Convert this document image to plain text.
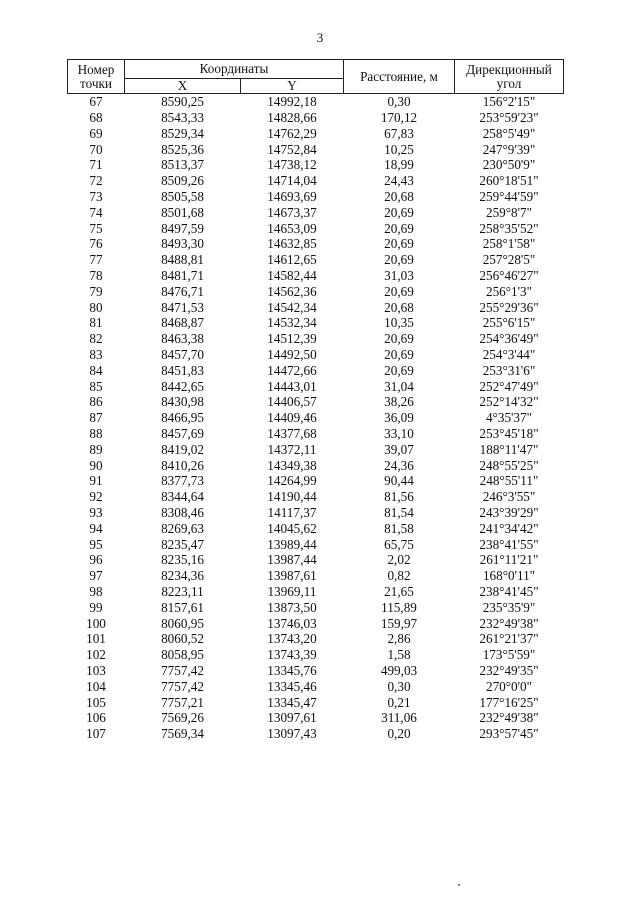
3
Номер
точки	Координаты		Расстояние, м	Дирекционный
угол
	X	Y		
67	8590,25	14992,18	0,30	156°2'15"
68	8543,33	14828,66	170,12	253°59'23"
69	8529,34	14762,29	67,83	258°5'49"
70	8525,36	14752,84	10,25	247°9'39"
71	8513,37	14738,12	18,99	230°50'9"
72	8509,26	14714,04	24,43	260°18'51"
73	8505,58	14693,69	20,68	259°44'59"
74	8501,68	14673,37	20,69	259°8'7"
75	8497,59	14653,09	20,69	258°35'52"
76	8493,30	14632,85	20,69	258°1'58"
77	8488,81	14612,65	20,69	257°28'5"
78	8481,71	14582,44	31,03	256°46'27"
79	8476,71	14562,36	20,69	256°1'3"
80	8471,53	14542,34	20,68	255°29'36"
81	8468,87	14532,34	10,35	255°6'15"
82	8463,38	14512,39	20,69	254°36'49"
83	8457,70	14492,50	20,69	254°3'44"
84	8451,83	14472,66	20,69	253°31'6"
85	8442,65	14443,01	31,04	252°47'49"
86	8430,98	14406,57	38,26	252°14'32"
87	8466,95	14409,46	36,09	4°35'37"
88	8457,69	14377,68	33,10	253°45'18"
89	8419,02	14372,11	39,07	188°11'47"
90	8410,26	14349,38	24,36	248°55'25"
91	8377,73	14264,99	90,44	248°55'11"
92	8344,64	14190,44	81,56	246°3'55"
93	8308,46	14117,37	81,54	243°39'29"
94	8269,63	14045,62	81,58	241°34'42"
95	8235,47	13989,44	65,75	238°41'55"
96	8235,16	13987,44	2,02	261°11'21"
97	8234,36	13987,61	0,82	168°0'11"
98	8223,11	13969,11	21,65	238°41'45"
99	8157,61	13873,50	115,89	235°35'9"
100	8060,95	13746,03	159,97	232°49'38"
101	8060,52	13743,20	2,86	261°21'37"
102	8058,95	13743,39	1,58	173°5'59"
103	7757,42	13345,76	499,03	232°49'35"
104	7757,42	13345,46	0,30	270°0'0"
105	7757,21	13345,47	0,21	177°16'25"
106	7569,26	13097,61	311,06	232°49'38"
107	7569,34	13097,43	0,20	293°57'45"
